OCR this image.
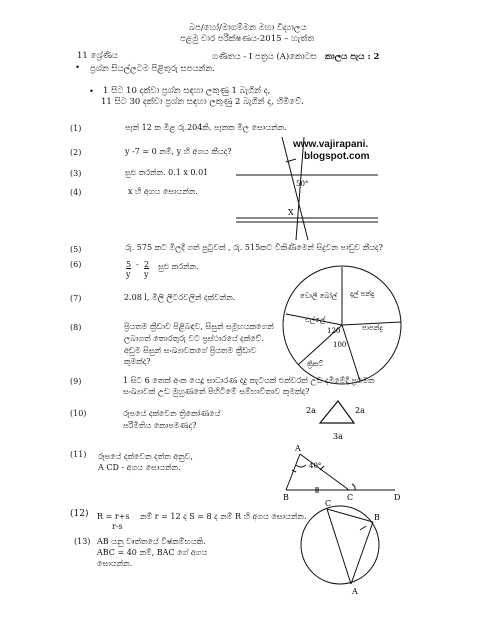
බප/හෝ/මාගම්මන මහා විද්‍යාලය
පළමු වාර පරීක්ෂණය-2015 – හැත්ත
11 ශ්‍රේණිය	ගණිතය - I පත්‍රය (A)කොටස කාලය පැය : 2
• ප්‍රශ්න සියල්ලටම පිළිතුරු සපයන්න.
• 1 සිට 10 දක්වා ප්‍රශ්න සඳහා ලකුණු 1 බැගින් ද,
11 සිට 30 දක්වා ප්‍රශ්න සඳහා ලකුණු 2 බැගින් ද, හිමිවේ.
www.vajirapani.
blogspot.com
(1)	පෑන් 12 ක මිළ රු.204කි. පෑනක මිල සොයන්න.
(2)	y -7 = 0 නම්, y හි අගය කීයද?
(3)	සුළු කරන්න. 0.1 x 0.01
(4)	x හි අගය සොයන්න.
(5)	රු. 575 කට මිලදී ගත් පුටුවක් , රු. 515කට විකිණීමෙන් සිදුවන පාඩුව කීයද?
(6)	5 - 2
y y
සුළු කරන්න.
(7)	2.08 l, මිලි ලීටරවලින් දක්වන්න.
(8)	ප්‍රියතම ක්‍රීඩාව පිළිබඳව, සිසුන් සමූහයකගෙන්
ලබාගත් තොරතුරු වට ප්‍රස්ථාරයේ දක්වේ.
අඩුම සිසුන් සංඛ්‍යාවකගේ ප්‍රියතම ක්‍රීඩාව
කුමක්ද?
(9)	1 සිට 6 තෙක් අංක යෙදූ සාධාරණ දාදු කැටයක් එක්වරක් උඩ දමීමේදී ප්‍රථමක
සංඛ්‍යාවක් උඩ මුහුණතේ පිහිටීමේ සම්භාවිතාව කුමක්ද?
(10)	රූපයේ දක්වෙන ත්‍රිකෝණයේ
පරිමිතිය කොපමණද?
(11) රූපයේ දක්වෙන දත්ත අනුව,
A CD - අගය සොයන්න.
(12) R = r+s
r-s
නම් r = 12 ද S = 8 ද නම් R හි අගය සොයන්න.
(13) AB යනු වෘත්තයේ විෂ්කම්භයකි.
ABC = 40 නම්, BAC ගේ අගය
සොයන්න.
50°
X
වොලි බෝල් දැල් පන්දු
එල්ලේ
ක්‍රිකට්
පාපන්දු
120
100
2a	2a
3a
A
B	C	D
40°
C
B
A
